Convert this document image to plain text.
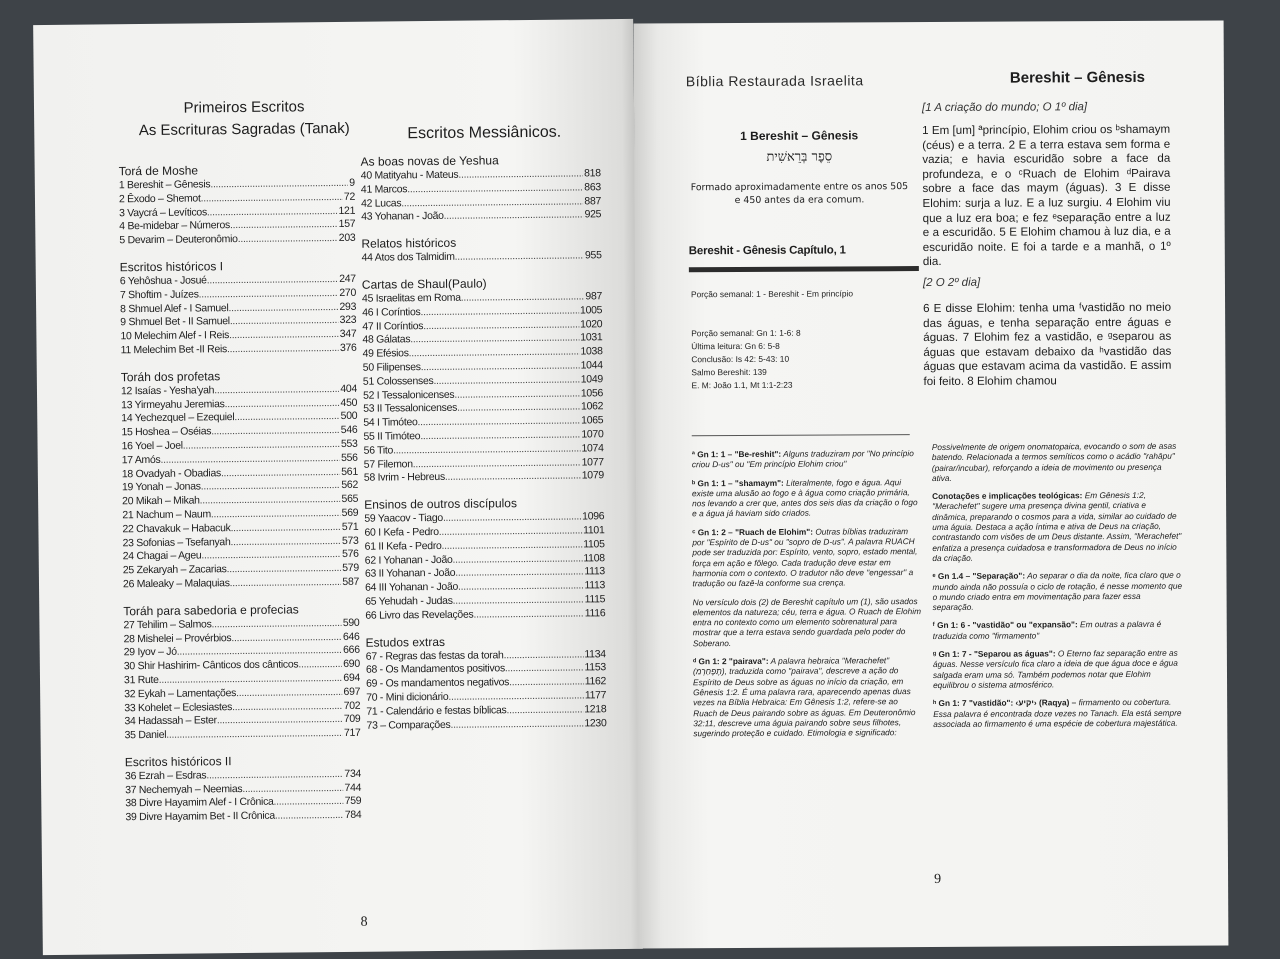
Primeiros Escritos
As Escrituras Sagradas (Tanak)	Escritos Messiânicos.
Torá de Moshe
1 Bereshit – Gênesis .....	9
2 Êxodo – Shemot .....	72
3 Vaycrá – Levíticos .....	121
4 Be-midebar – Números .....	157
5 Devarim – Deuteronômio .....	203
Escritos históricos I
6 Yehôshua - Josué .....	247
7 Shoftim - Juízes .....	270
8 Shmuel Alef - I Samuel .....	293
9 Shmuel Bet - II Samuel .....	323
10 Melechim Alef - I Reis .....	347
11 Melechim Bet -II Reis .....	376
Toráh dos profetas
12 Isaías - Yesha'yah .....	404
13 Yirmeyahu Jeremias .....	450
14 Yechezquel – Ezequiel .....	500
15 Hoshea – Oséias .....	546
16 Yoel – Joel .....	553
17 Amós .....	556
18 Ovadyah - Obadias .....	561
19 Yonah – Jonas .....	562
20 Mikah – Mikah .....	565
21 Nachum – Naum .....	569
22 Chavakuk – Habacuk .....	571
23 Sofonias – Tsefanyah .....	573
24 Chagai – Ageu .....	576
25 Zekaryah – Zacarias .....	579
26 Maleaky – Malaquias .....	587
Toráh para sabedoria e profecias
27 Tehilim – Salmos .....	590
28 Mishelei – Provérbios .....	646
29 Iyov – Jó .....	666
30 Shir Hashirim- Cânticos dos cânticos .....	690
31 Rute .....	694
32 Eykah – Lamentações .....	697
33 Kohelet – Eclesiastes .....	702
34 Hadassah – Ester .....	709
35 Daniel .....	717
Escritos históricos II
36 Ezrah – Esdras .....	734
37 Nechemyah – Neemias .....	744
38 Divre Hayamim Alef - I Crônica .....	759
39 Divre Hayamim Bet - II Crônica .....	784
As boas novas de Yeshua
40 Matityahu - Mateus .....	818
41 Marcos .....	863
42 Lucas .....	887
43 Yohanan - João .....	925
Relatos históricos
44 Atos dos Talmidim .....	955
Cartas de Shaul(Paulo)
45 Israelitas em Roma .....	987
46 I Coríntios .....	1005
47 II Coríntios .....	1020
48 Gálatas .....	1031
49 Efésios .....	1038
50 Filipenses .....	1044
51 Colossenses .....	1049
52 I Tessalonicenses .....	1056
53 II Tessalonicenses .....	1062
54 I Timóteo .....	1065
55 II Timóteo .....	1070
56 Tito .....	1074
57 Filemon .....	1077
58 Ivrim - Hebreus .....	1079
Ensinos de outros discípulos
59 Yaacov - Tiago .....	1096
60 I Kefa - Pedro .....	1101
61 II Kefa - Pedro .....	1105
62 I Yohanan - João .....	1108
63 II Yohanan - João .....	1113
64 III Yohanan - João .....	1113
65 Yehudah - Judas .....	1115
66 Livro das Revelações .....	1116
Estudos extras
67 - Regras das festas da torah .....	1134
68 - Os Mandamentos positivos .....	1153
69 - Os mandamentos negativos .....	1162
70 - Mini dicionário .....	1177
71 - Calendário e festas bíblicas .....	1218
73 – Comparações .....	1230
8
Bíblia Restaurada Israelita	Bereshit – Gênesis
1 Bereshit – Gênesis
סֵפֶר בְּרֵאשִׁית
Formado aproximadamente entre os anos 505 e 450 antes da era comum.
Bereshit - Gênesis Capítulo, 1
Porção semanal: 1 - Bereshit - Em princípio
Porção semanal: Gn 1: 1-6: 8
Última leitura: Gn 6: 5-8
Conclusão: Is 42: 5-43: 10
Salmo Bereshit: 139
E. M: João 1.1, Mt 1:1-2:23
ª Gn 1: 1 – "Be-reshit": Alguns traduziram por "No princípio criou D-us" ou "Em princípio Elohim criou"
ᵇ Gn 1: 1 – "shamaym": Literalmente, fogo e água. Aqui existe uma alusão ao fogo e à água como criação primária, nos levando a crer que, antes dos seis dias da criação o fogo e a água já haviam sido criados.
ᶜ Gn 1: 2 – "Ruach de Elohim": Outras bíblias traduziram por "Espírito de D-us" ou "sopro de D-us". A palavra RUACH pode ser traduzida por: Espírito, vento, sopro, estado mental, força em ação e fôlego. Cada tradução deve estar em harmonia com o contexto. O tradutor não deve "engessar" a tradução ou fazê-la conforme sua crença.
No versículo dois (2) de Bereshit capítulo um (1), são usados elementos da natureza; céu, terra e água. O Ruach de Elohim entra no contexto como um elemento sobrenatural para mostrar que a terra estava sendo guardada pelo poder do Soberano.
ᵈ Gn 1: 2 "pairava": A palavra hebraica "Merachefet" (תֶפֶחַרְמ), traduzida como "pairava", descreve a ação do Espírito de Deus sobre as águas no início da criação, em Gênesis 1:2. É uma palavra rara, aparecendo apenas duas vezes na Bíblia Hebraica: Em Gênesis 1:2, refere-se ao Ruach de Deus pairando sobre as águas. Em Deuteronômio 32:11, descreve uma águia pairando sobre seus filhotes, sugerindo proteção e cuidado. Etimologia e significado:
[1 A criação do mundo; O 1º dia]
1 Em [um] ªprincípio, Elohim criou os ᵇshamaym (céus) e a terra. 2 E a terra estava sem forma e vazia; e havia escuridão sobre a face da profundeza, e o ᶜRuach de Elohim ᵈPairava sobre a face das maym (águas). 3 E disse Elohim: surja a luz. E a luz surgiu. 4 Elohim viu que a luz era boa; e fez ᵉseparação entre a luz e a escuridão. 5 E Elohim chamou à luz dia, e a escuridão noite. E foi a tarde e a manhã, o 1º dia.
[2 O 2º dia]
6 E disse Elohim: tenha uma ᶠvastidão no meio das águas, e tenha separação entre águas e águas. 7 Elohim fez a vastidão, e ᵍseparou as águas que estavam debaixo da ʰvastidão das águas que estavam acima da vastidão. E assim foi feito. 8 Elohim chamou
Possivelmente de origem onomatopaica, evocando o som de asas batendo. Relacionada a termos semíticos como o acádio "rahāpu" (pairar/incubar), reforçando a ideia de movimento ou presença ativa.
Conotações e implicações teológicas: Em Gênesis 1:2, "Merachefet" sugere uma presença divina gentil, criativa e dinâmica, preparando o cosmos para a vida, similar ao cuidado de uma águia. Destaca a ação íntima e ativa de Deus na criação, contrastando com visões de um Deus distante. Assim, "Merachefet" enfatiza a presença cuidadosa e transformadora de Deus no início da criação.
ᵉ Gn 1.4 – "Separação": Ao separar o dia da noite, fica claro que o mundo ainda não possuía o ciclo de rotação, é nesse momento que o mundo criado entra em movimentação para fazer essa separação.
ᶠ Gn 1: 6 - "vastidão" ou "expansão": Em outras a palavra é traduzida como "firmamento"
ᵍ Gn 1: 7 - "Separou as águas": O Eterno faz separação entre as águas. Nesse versículo fica claro a ideia de que água doce e água salgada eram uma só. Também podemos notar que Elohim equilibrou o sistema atmosférico.
ʰ Gn 1: 7 "vastidão": ‹יקיע› (Raqya) – firmamento ou cobertura. Essa palavra é encontrada doze vezes no Tanach. Ela está sempre associada ao firmamento é uma espécie de cobertura majestática.
9
